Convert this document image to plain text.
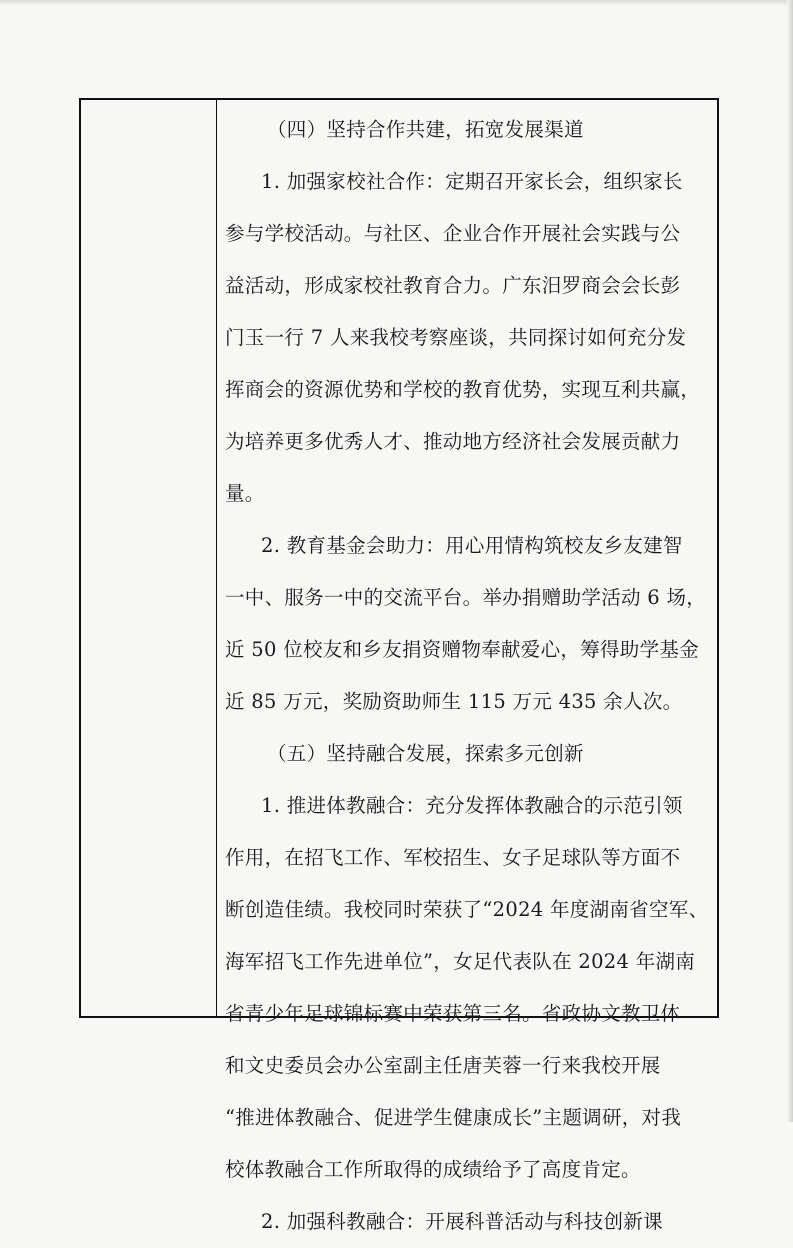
（四）坚持合作共建，拓宽发展渠道
1. 加强家校社合作：定期召开家长会，组织家长
参与学校活动。与社区、企业合作开展社会实践与公
益活动，形成家校社教育合力。广东汨罗商会会长彭
门玉一行 7 人来我校考察座谈，共同探讨如何充分发
挥商会的资源优势和学校的教育优势，实现互利共赢，
为培养更多优秀人才、推动地方经济社会发展贡献力
量。
2. 教育基金会助力：用心用情构筑校友乡友建智
一中、服务一中的交流平台。举办捐赠助学活动 6 场，
近 50 位校友和乡友捐资赠物奉献爱心，筹得助学基金
近 85 万元，奖励资助师生 115 万元 435 余人次。
（五）坚持融合发展，探索多元创新
1. 推进体教融合：充分发挥体教融合的示范引领
作用，在招飞工作、军校招生、女子足球队等方面不
断创造佳绩。我校同时荣获了“2024 年度湖南省空军、
海军招飞工作先进单位”，女足代表队在 2024 年湖南
省青少年足球锦标赛中荣获第三名。省政协文教卫体
和文史委员会办公室副主任唐芙蓉一行来我校开展
“推进体教融合、促进学生健康成长”主题调研，对我
校体教融合工作所取得的成绩给予了高度肯定。
2. 加强科教融合：开展科普活动与科技创新课
